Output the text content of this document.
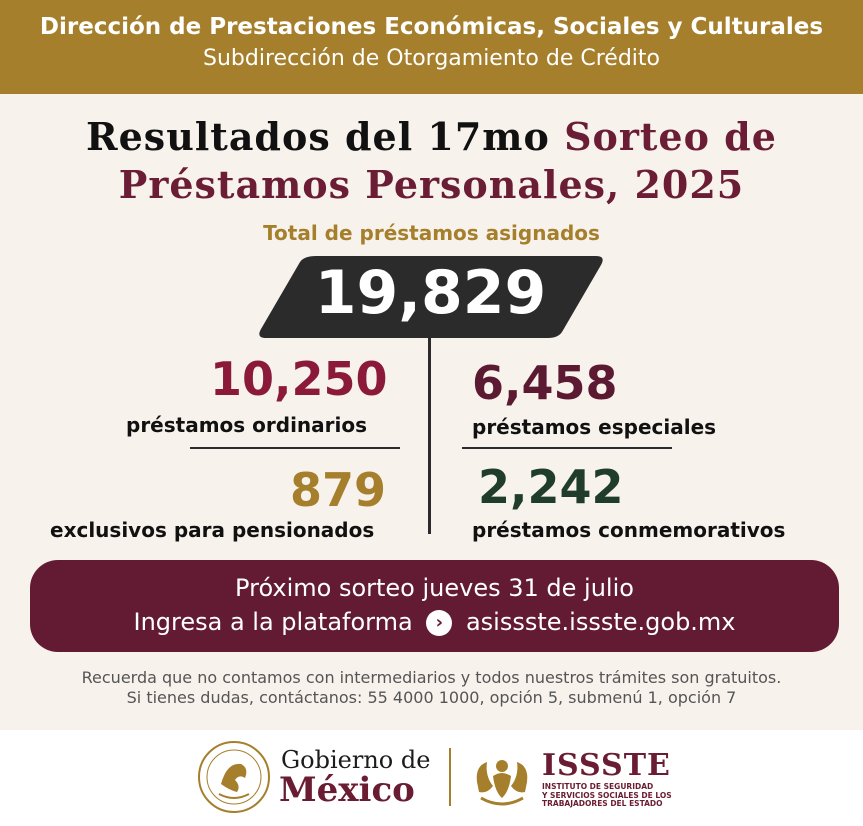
Dirección de Prestaciones Económicas, Sociales y Culturales
Subdirección de Otorgamiento de Crédito
Resultados del 17mo Sorteo de
Préstamos Personales, 2025
Total de préstamos asignados
19,829
10,250
préstamos ordinarios
6,458
préstamos especiales
879
exclusivos para pensionados
2,242
préstamos conmemorativos
Próximo sorteo jueves 31 de julio
Ingresa a la plataforma › asissste.issste.gob.mx
Recuerda que no contamos con intermediarios y todos nuestros trámites son gratuitos.
Si tienes dudas, contáctanos: 55 4000 1000, opción 5, submenú 1, opción 7
Gobierno de
México
ISSSTE
INSTITUTO DE SEGURIDAD
Y SERVICIOS SOCIALES DE LOS
TRABAJADORES DEL ESTADO
